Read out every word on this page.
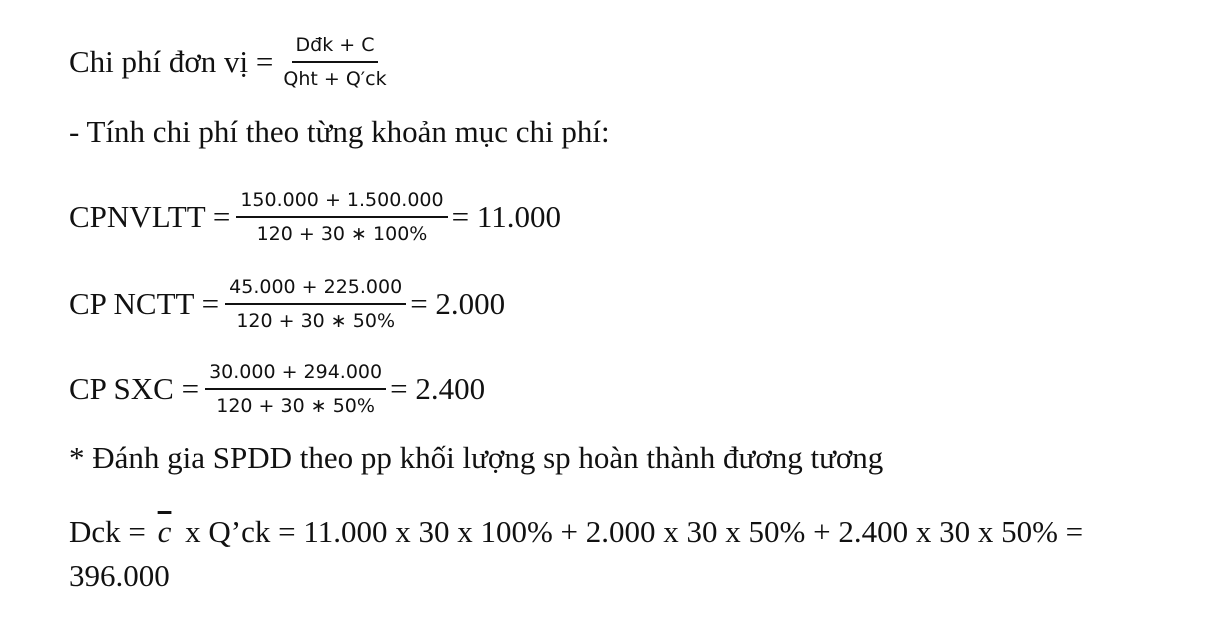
Chi phí đơn vị = $\frac{\text{Dđk + C}}{\text{Qht + Q′ck}}$
- Tính chi phí theo từng khoản mục chi phí:
CPNVLTT = $\frac{150.000 + 1.500.000}{120 + 30 ∗ 100\%} = 11.000$
CP NCTT = $\frac{45.000 + 225.000}{120 + 30 ∗ 50\%} = 2.000$
CP SXC = $\frac{30.000 + 294.000}{120 + 30 ∗ 50\%} = 2.400$
* Đánh gia SPDD theo pp khối lượng sp hoàn thành đương tương
Dck = $\overline{c}$ x Q’ck = 11.000 x 30 x 100% + 2.000 x 30 x 50% + 2.400 x 30 x 50% = 396.000
